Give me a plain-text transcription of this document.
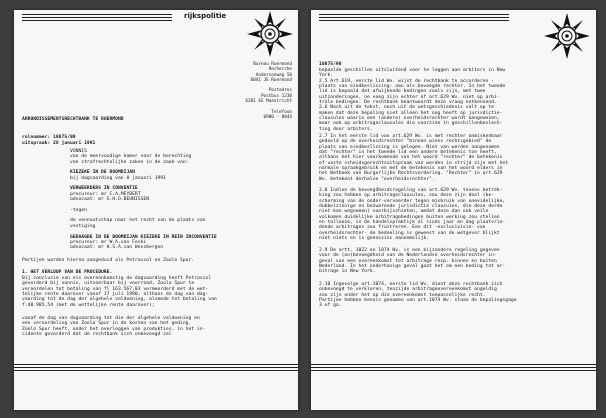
rijkspolitie
Bureau Roermond
Recherche
Andersonweg 50
6041 JE Roermond

Postadres
Postbus 1230
6201 EE Maastricht

Telefoon
0900 - 8844
ARRONDISSEMENTSRECHTBANK TE ROERMOND
rolnummer: 10875/90
uitspraak: 28 januari 1991
VONNIS
van de meervoudige kamer voor de berechting
van strafrechtelijke zaken in de zaak van:

KIEZEKE IN DE BOOMDIJAN
bij dagvaarding van 8 januari 1991

VERWEERDERS IN CONVENTIE
procureur: mr C.A.MEYBERT
advocaat: mr G.H.O.BEUNISSEN

-tegen

de vennootschap naar het recht van de plaats van
vestiging

GEDAAGDE IN DE BOOMDIJAN KIEZEKE IN REIN INCONVENTIE
procureur: mr W.A.van Feski
advocaat: mr H.S.A.van Wessbergen
Partijen worden hierna aangeduid als Petrascol en Zoolo Spur.
1. HET VERLOOP VAN DE PROCEDURE.
Bij conclusie van eis overeenkomstig de dagvaarding heeft Petrascol
gevorderd bij vonnis, uitvoerbaar bij voorraad, Zoolo Spur te
veroordelen tot betaling van fl 163.567,03 vermeerderd met de wet-
telijke rente daarover vanaf 17 juli 1990, althans de dag van dag-
vaarding tot de dag der algehele voldoening, alsmede tot betaling van
f.48.985,54 (met de wettelijke rente daarover);
vanaf de dag van dagvaarding tot die der algehele voldoening en
een veroordeling van Zoolo Spur in de kosten van het geding.
Zoolo Spur heeft, onder het overleggen van produkties, in het in-
cidente gevorderd dat de rechtbank zich onbevoegd zal
10875/90
bepaalde geschillen uitsluitend voor te leggen aan arbiters in New
York.
2.5 Art.619, eerste lid Wv. wijst de rechtbank te accorderen -
plaats van eindbeslissing- aan als bevoegde rechter. In het tweede
lid is bepaald dat afwijkende bedingen zoals zijn, met twee
uitzonderingen, ne voeg zijn echter of art.629 Wv. niet op arbi-
trale bedingen. De rechtbank beantwoordt deze vraag ontkennend.
2.6 Noch uit de tekst, noch uit de wetsgeschiedenis valt op te
maken dat deze bepaling niet alleen het oog heeft op jurisdictie-
clausules waarin een (andere) overheidsrechter wordt aangewezen,
maar ook op arbitrageclausules die voorzien in geschillenbeslech-
ting door arbiters.
2.7 In het eerste lid van art.629 Wv. is met rechter onmiskenbaar
gedoeld op de overheidsrechter "binnen wiens rechtsgebied" de
plaats van eindbeslissing is gelegen. Niet van worden aangenomen
dat "rechter" in het tweede lid een andere betekenis toe heeft,
althans het hier voorkomende van het woord "rechter" de betekenis
of vaste scheidsgerechtsuitspraak van worden in strijd zijn met het
normale spraakgebruik en met de betekenis van het woord elders in
het Wetboek van Burgerlijke Rechtsvordering. "Rechter" in art.629
Wv. betekent derhalve "overheidsrechter".
2.8 Indien de bevoegdheidsregeling van art.629 Wv. tevens betrek-
king zou hebben op arbitrageclausules, zou deze zijn doel (be-
scherming van de onder-vervoerder tegen misbruik van onevidelijke,
dubbelzinnige en bezwarende jurisdictie clausules, die deze derde
niet kan wegnemen) voorbijschieten, omdat deze dan ook veile
volkomen duidelijke arbitragebedingen buiten werking zou stellen
en tallooze, in de handelspraktijk al sinds jaar en dag plaatvrin-
dende arbitrages zou frustreren. Een dit -exclusivisie- van
overheidsrechter- de bedoeling is geweest van de wetgever blijkt
niet niets en is geenszins aannemelijk.
2.9 De artt. 1022 en 1074 Wv. is een bijzondere regeling gegeven
voor de (on)bevoegdheid van de Nederlandse overheidsrechter in-
geval van een overeenkomst tot arbitrage resp. binnen en buiten
Nederland. In het onderhavige geval gaat het om een beding tot ar-
bitrage in New York.
2.10 Ingevolge art.1074, eerste lid Wv. dient deze rechtbank zich
onbevoegd te verklaren, tenzijde arbitrageovereenkomst ongeldig
zou zijn onder het op die overeenkomst toepasselijke recht.
Partijen hebben kennis genomen van art.1074 Wv. staan de bepalingsgage
3 of ga.
